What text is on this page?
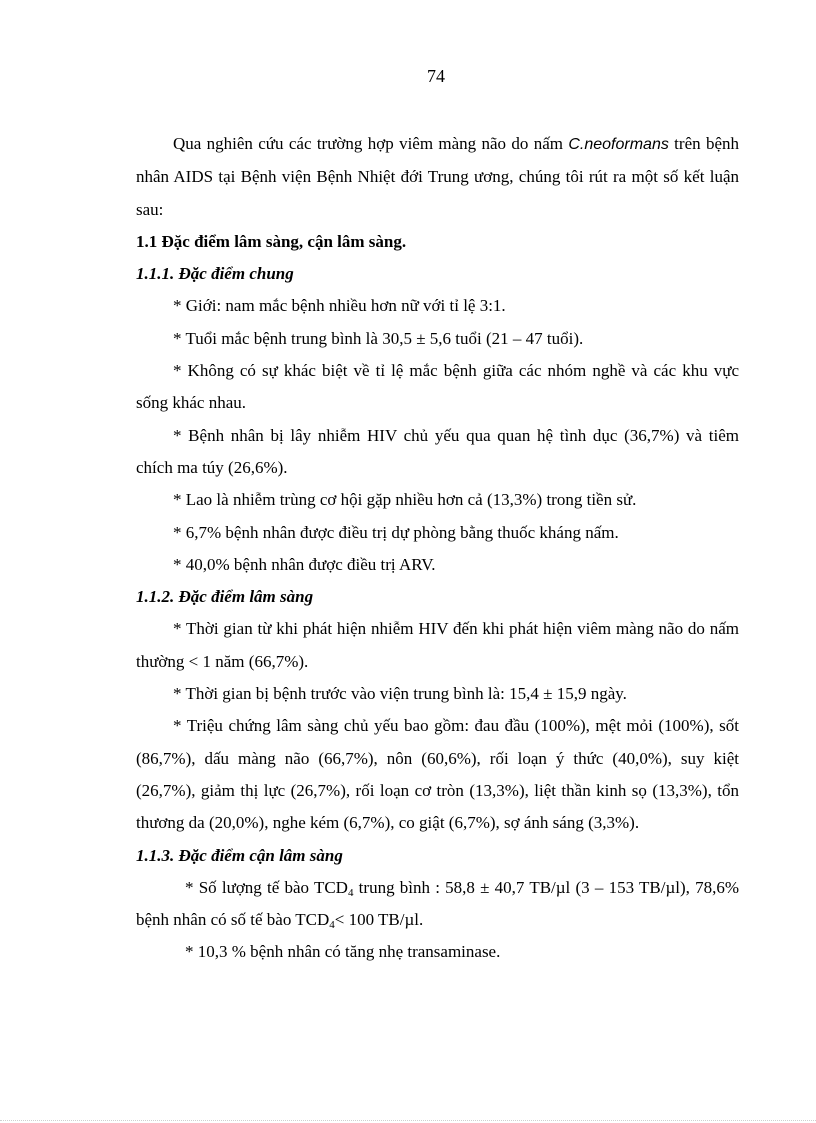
74

Qua nghiên cứu các trường hợp viêm màng não do nấm C.neoformans trên bệnh nhân AIDS tại Bệnh viện Bệnh Nhiệt đới Trung ương, chúng tôi rút ra một số kết luận sau:

1.1 Đặc điểm lâm sàng, cận lâm sàng.

1.1.1. Đặc điểm chung

* Giới: nam mắc bệnh nhiều hơn nữ với tỉ lệ 3:1.

* Tuổi mắc bệnh trung bình là 30,5 ± 5,6 tuổi (21 – 47 tuổi).

* Không có sự khác biệt về tỉ lệ mắc bệnh giữa các nhóm nghề và các khu vực sống khác nhau.

* Bệnh nhân bị lây nhiễm HIV chủ yếu qua quan hệ tình dục (36,7%) và tiêm chích ma túy (26,6%).

* Lao là nhiễm trùng cơ hội gặp nhiều hơn cả (13,3%) trong tiền sử.

* 6,7% bệnh nhân được điều trị dự phòng bằng thuốc kháng nấm.

* 40,0% bệnh nhân được điều trị ARV.

1.1.2. Đặc điểm lâm sàng

* Thời gian từ khi phát hiện nhiễm HIV đến khi phát hiện viêm màng não do nấm thường < 1 năm (66,7%).

* Thời gian bị bệnh trước vào viện trung bình là: 15,4 ± 15,9 ngày.

* Triệu chứng lâm sàng chủ yếu bao gồm: đau đầu (100%), mệt mỏi (100%), sốt (86,7%), dấu màng não (66,7%), nôn (60,6%), rối loạn ý thức (40,0%), suy kiệt (26,7%), giảm thị lực (26,7%), rối loạn cơ tròn (13,3%), liệt thần kinh sọ (13,3%), tổn thương da (20,0%), nghe kém (6,7%), co giật (6,7%), sợ ánh sáng (3,3%).

1.1.3. Đặc điểm cận lâm sàng

* Số lượng tế bào $TCD_4$ trung bình : 58,8 ± 40,7 TB/µl (3 – 153 TB/µl), 78,6% bệnh nhân có số tế bào $TCD_4< 100$ TB/µl.

* 10,3 % bệnh nhân có tăng nhẹ transaminase.
